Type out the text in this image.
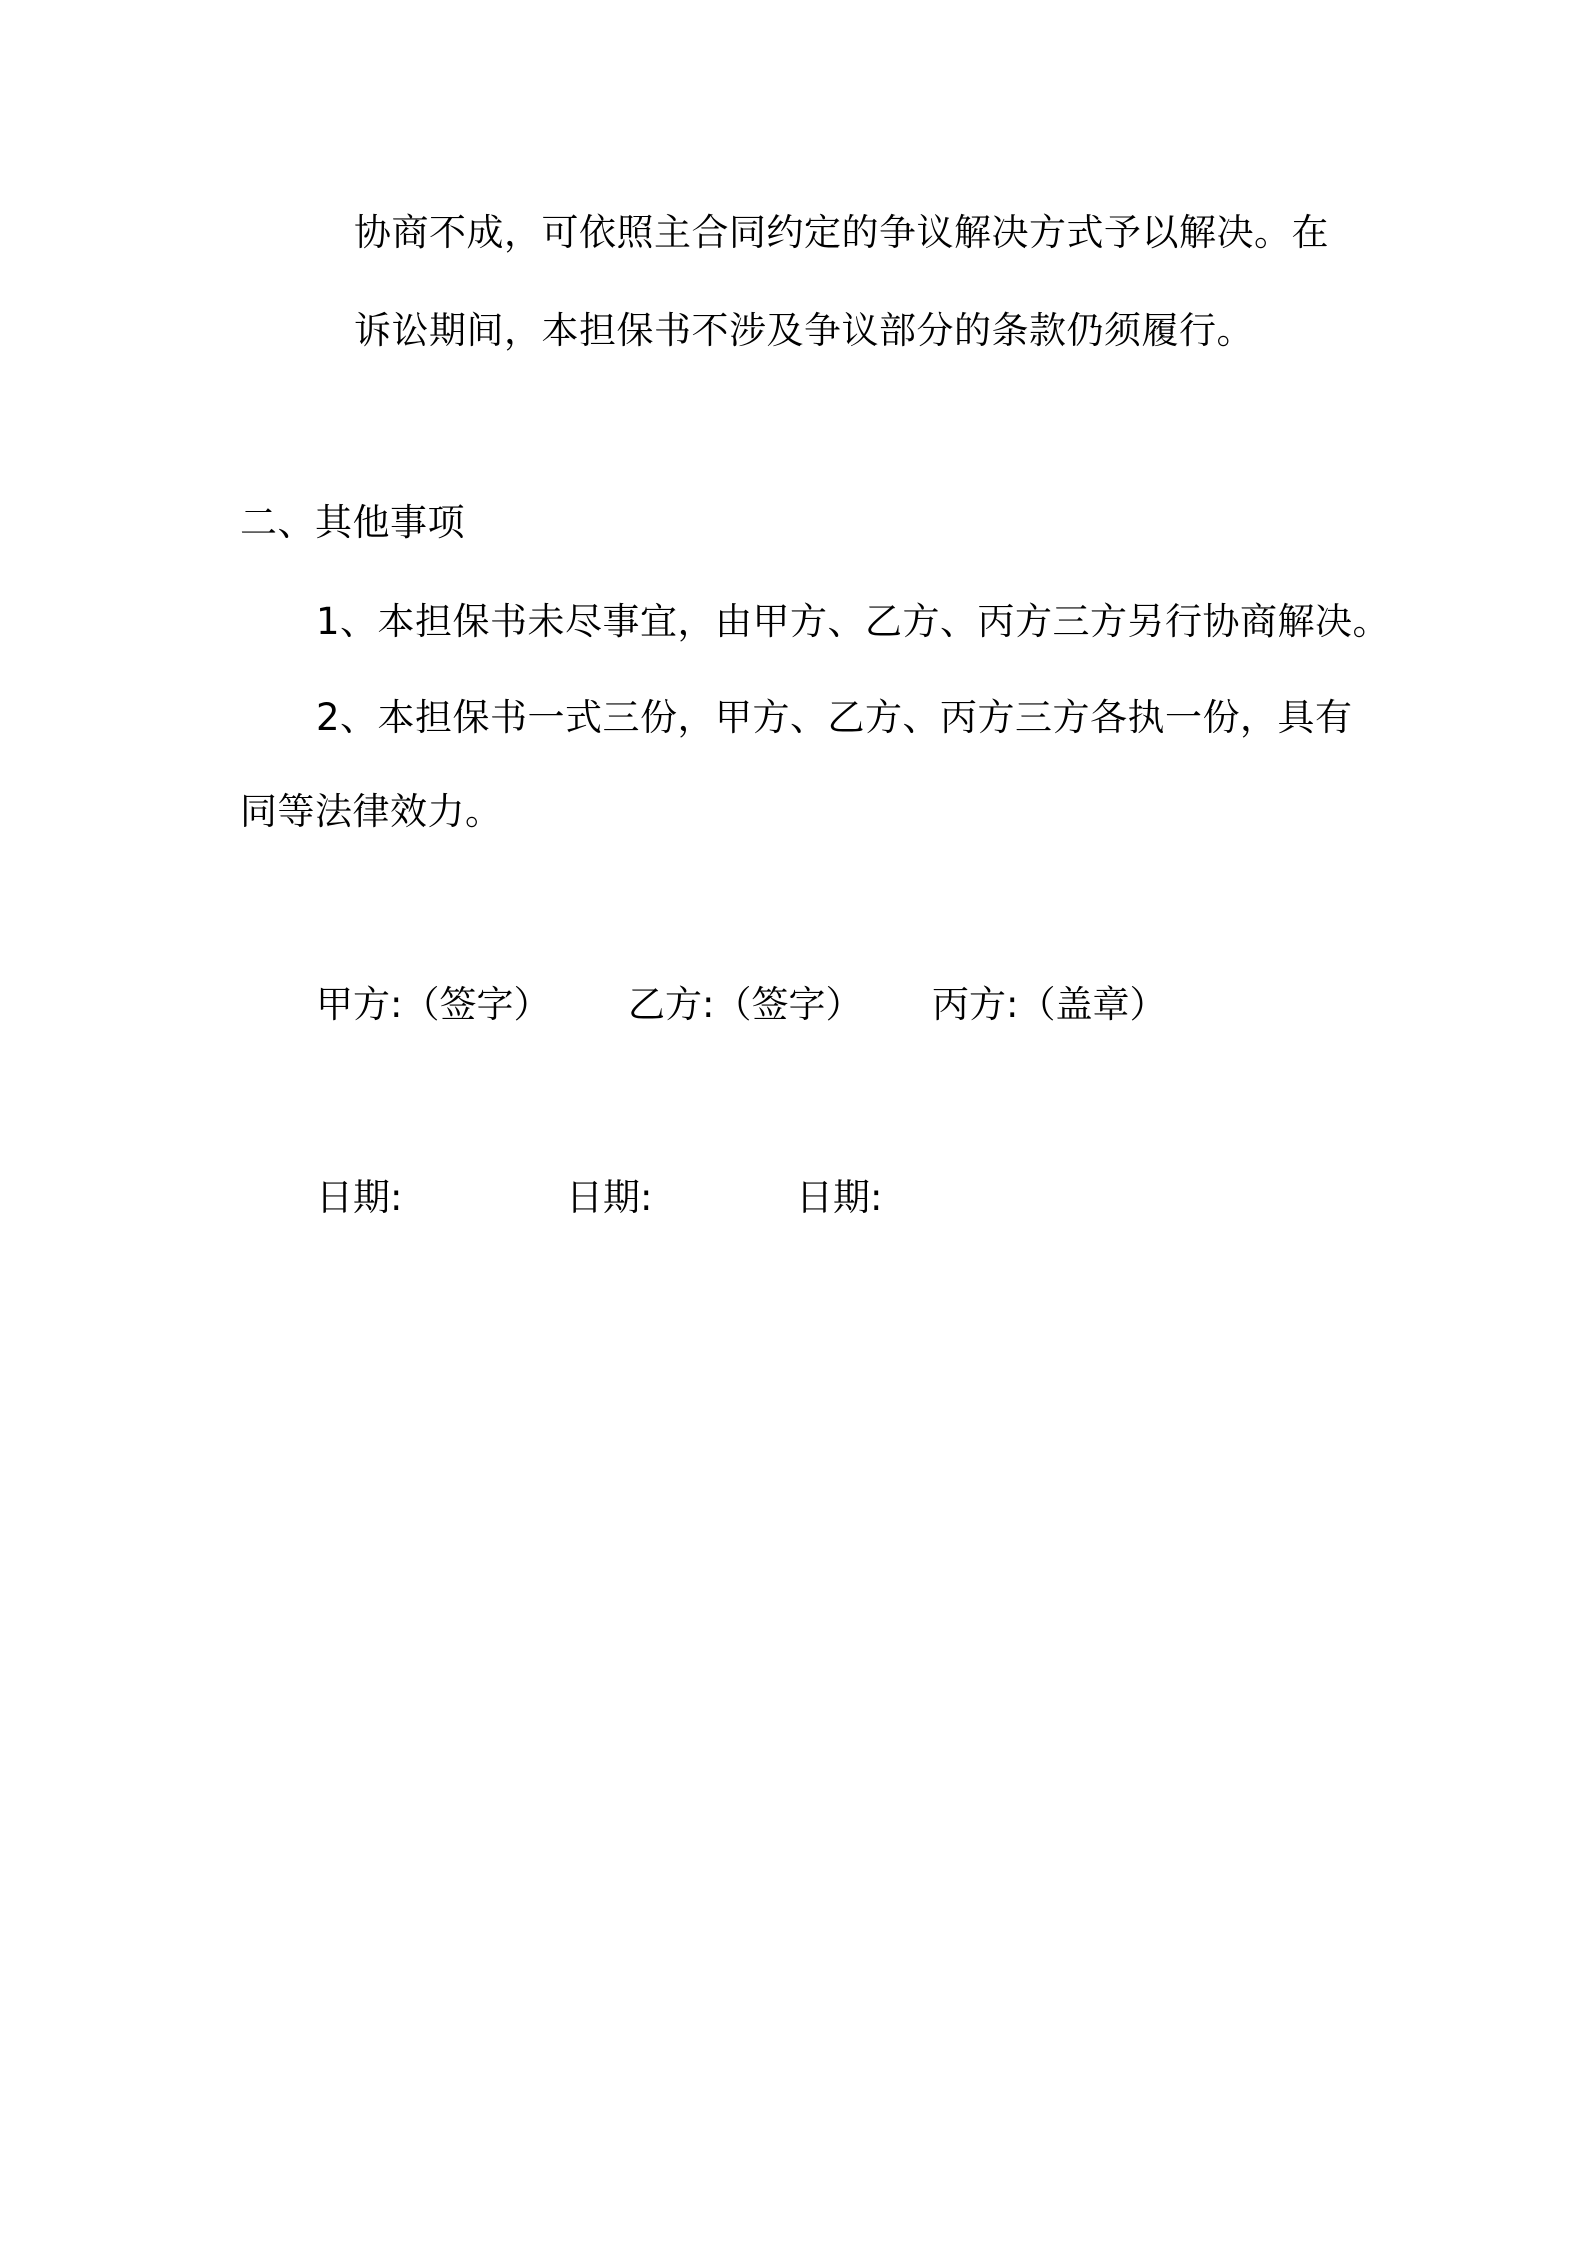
协商不成，可依照主合同约定的争议解决方式予以解决。在
诉讼期间，本担保书不涉及争议部分的条款仍须履行。
二、其他事项
1、本担保书未尽事宜，由甲方、乙方、丙方三方另行协商解决。
2、本担保书一式三份，甲方、乙方、丙方三方各执一份，具有
同等法律效力。
甲方:（签字） 乙方:（签字） 丙方:（盖章）
日期:	日期:	日期:
